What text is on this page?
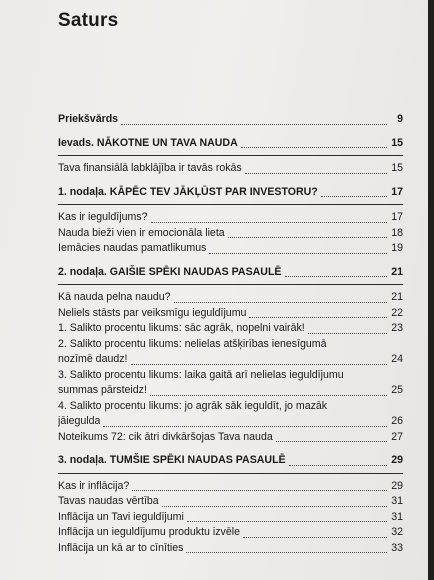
Saturs
Priekšvārds	9
Ievads. NĀKOTNE UN TAVA NAUDA	15
Tava finansiālā labklājība ir tavās rokās	15
1. nodaļa. KĀPĒC TEV JĀKĻŪST PAR INVESTORU?	17
Kas ir ieguldījums?	17
Nauda bieži vien ir emocionāla lieta	18
Iemācies naudas pamatlikumus	19
2. nodaļa. GAIŠIE SPĒKI NAUDAS PASAULĒ	21
Kā nauda pelna naudu?	21
Neliels stāsts par veiksmīgu ieguldījumu	22
1. Salikto procentu likums: sāc agrāk, nopelni vairāk!	23
2. Salikto procentu likums: nelielas atšķirības ienesīgumā
nozīmē daudz!	24
3. Salikto procentu likums: laika gaitā arī nelielas ieguldījumu
summas pārsteidz!	25
4. Salikto procentu likums: jo agrāk sāk ieguldīt, jo mazāk
jāiegulda	26
Noteikums 72: cik ātri divkāršojas Tava nauda	27
3. nodaļa. TUMŠIE SPĒKI NAUDAS PASAULĒ	29
Kas ir inflācija?	29
Tavas naudas vērtība	31
Inflācija un Tavi ieguldījumi	31
Inflācija un ieguldījumu produktu izvēle	32
Inflācija un kā ar to cīnīties	33
